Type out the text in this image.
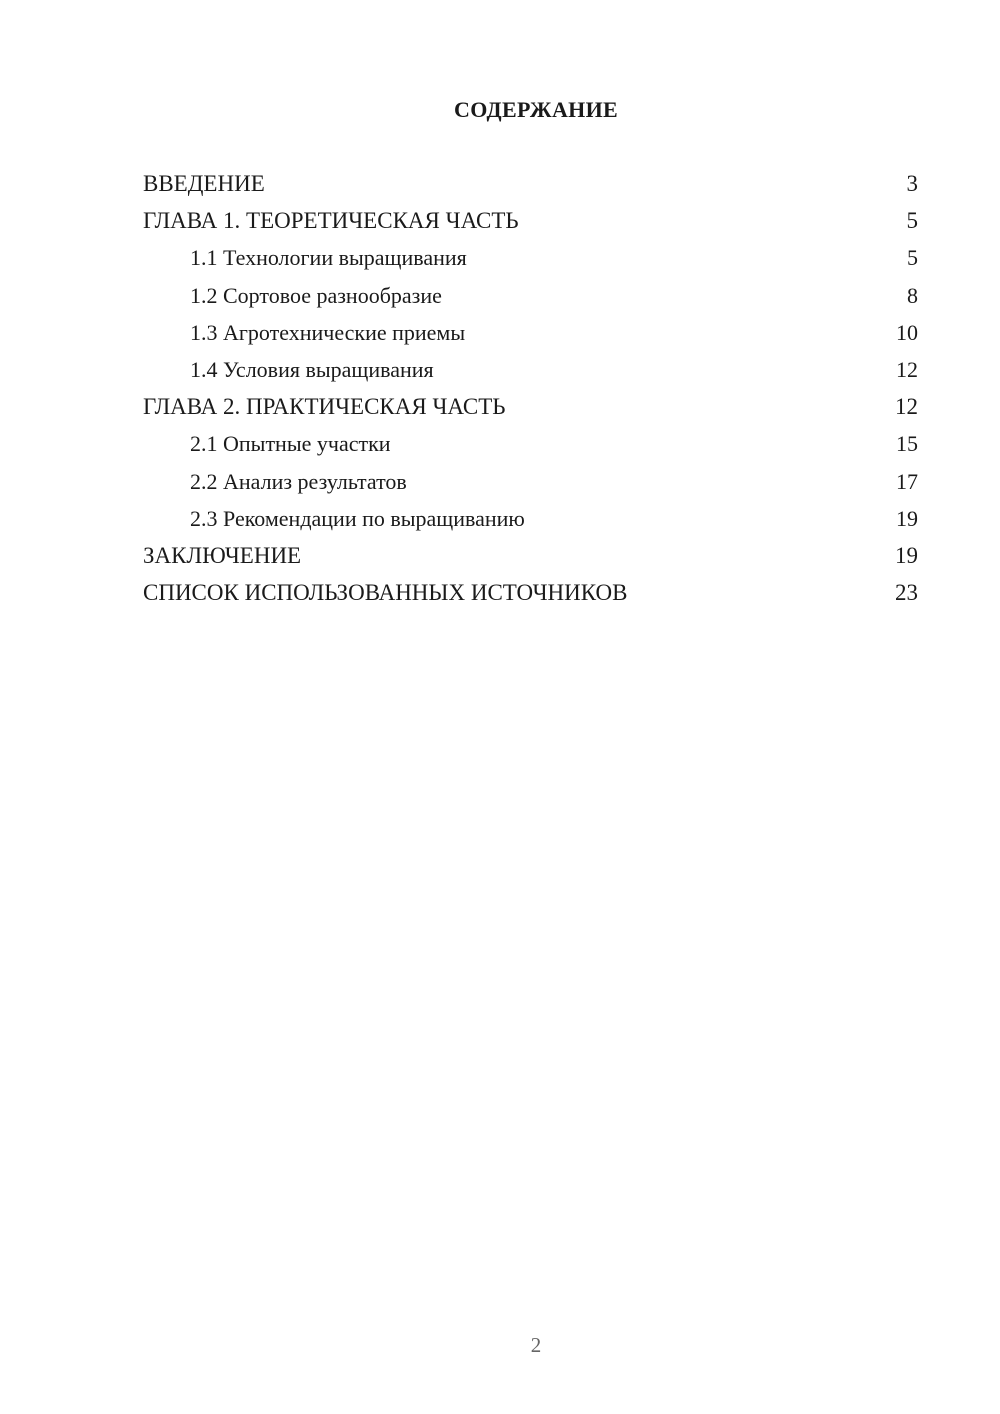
СОДЕРЖАНИЕ
ВВЕДЕНИЕ	3
ГЛАВА 1. ТЕОРЕТИЧЕСКАЯ ЧАСТЬ	5
1.1 Технологии выращивания	5
1.2 Сортовое разнообразие	8
1.3 Агротехнические приемы	10
1.4 Условия выращивания	12
ГЛАВА 2. ПРАКТИЧЕСКАЯ ЧАСТЬ	12
2.1 Опытные участки	15
2.2 Анализ результатов	17
2.3 Рекомендации по выращиванию	19
ЗАКЛЮЧЕНИЕ	19
СПИСОК ИСПОЛЬЗОВАННЫХ ИСТОЧНИКОВ	23
2
